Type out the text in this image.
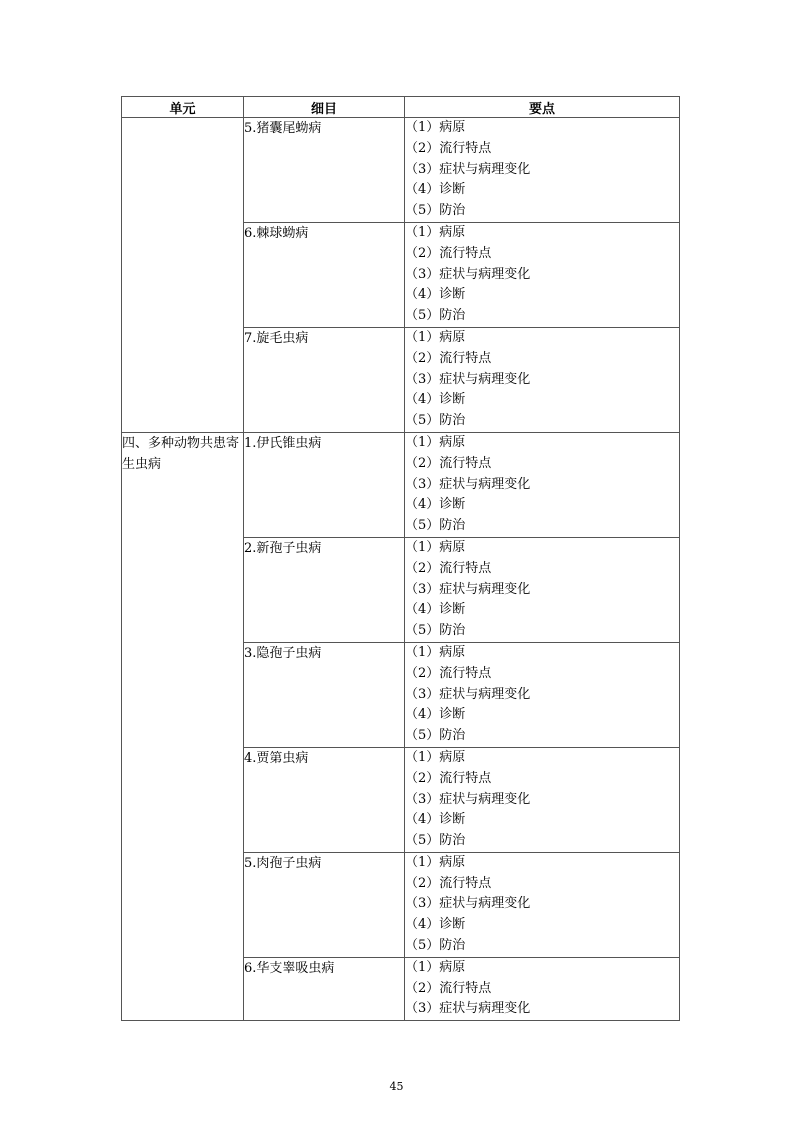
单元	细目	要点
	5.猪囊尾蚴病	（1）病原
（2）流行特点
（3）症状与病理变化
（4）诊断
（5）防治

	6.棘球蚴病	（1）病原
（2）流行特点
（3）症状与病理变化
（4）诊断
（5）防治

	7.旋毛虫病	（1）病原
（2）流行特点
（3）症状与病理变化
（4）诊断
（5）防治

四、多种动物共患寄生虫病	1.伊氏锥虫病	（1）病原
（2）流行特点
（3）症状与病理变化
（4）诊断
（5）防治

	2.新孢子虫病	（1）病原
（2）流行特点
（3）症状与病理变化
（4）诊断
（5）防治

	3.隐孢子虫病	（1）病原
（2）流行特点
（3）症状与病理变化
（4）诊断
（5）防治

	4.贾第虫病	（1）病原
（2）流行特点
（3）症状与病理变化
（4）诊断
（5）防治

	5.肉孢子虫病	（1）病原
（2）流行特点
（3）症状与病理变化
（4）诊断
（5）防治

	6.华支睾吸虫病	（1）病原
（2）流行特点
（3）症状与病理变化
45
